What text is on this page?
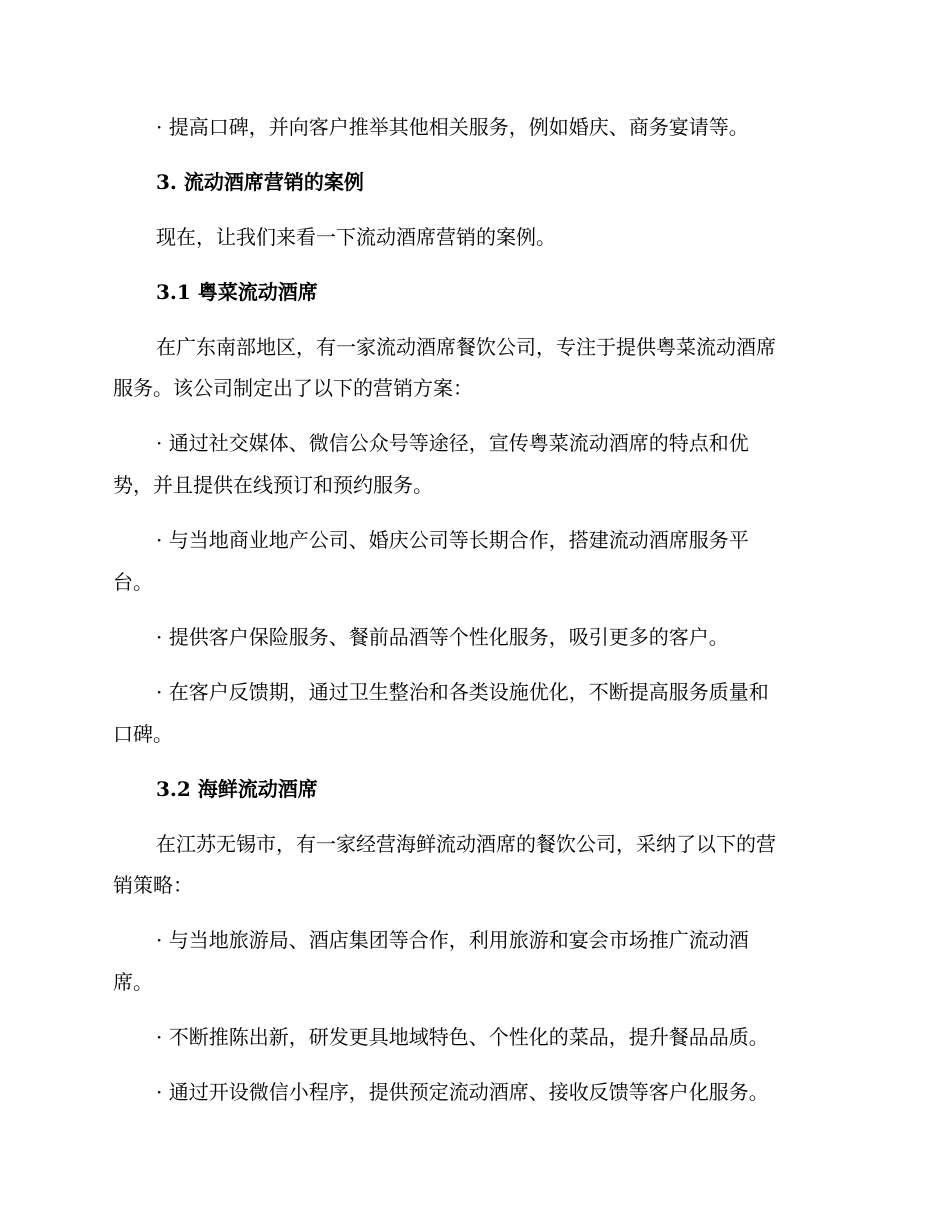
· 提高口碑，并向客户推举其他相关服务，例如婚庆、商务宴请等。
3. 流动酒席营销的案例
现在，让我们来看一下流动酒席营销的案例。
3.1 粤菜流动酒席
在广东南部地区，有一家流动酒席餐饮公司，专注于提供粤菜流动酒席
服务。该公司制定出了以下的营销方案：
· 通过社交媒体、微信公众号等途径，宣传粤菜流动酒席的特点和优
势，并且提供在线预订和预约服务。
· 与当地商业地产公司、婚庆公司等长期合作，搭建流动酒席服务平
台。
· 提供客户保险服务、餐前品酒等个性化服务，吸引更多的客户。
· 在客户反馈期，通过卫生整治和各类设施优化，不断提高服务质量和
口碑。
3.2 海鲜流动酒席
在江苏无锡市，有一家经营海鲜流动酒席的餐饮公司，采纳了以下的营
销策略：
· 与当地旅游局、酒店集团等合作，利用旅游和宴会市场推广流动酒
席。
· 不断推陈出新，研发更具地域特色、个性化的菜品，提升餐品品质。
· 通过开设微信小程序，提供预定流动酒席、接收反馈等客户化服务。
